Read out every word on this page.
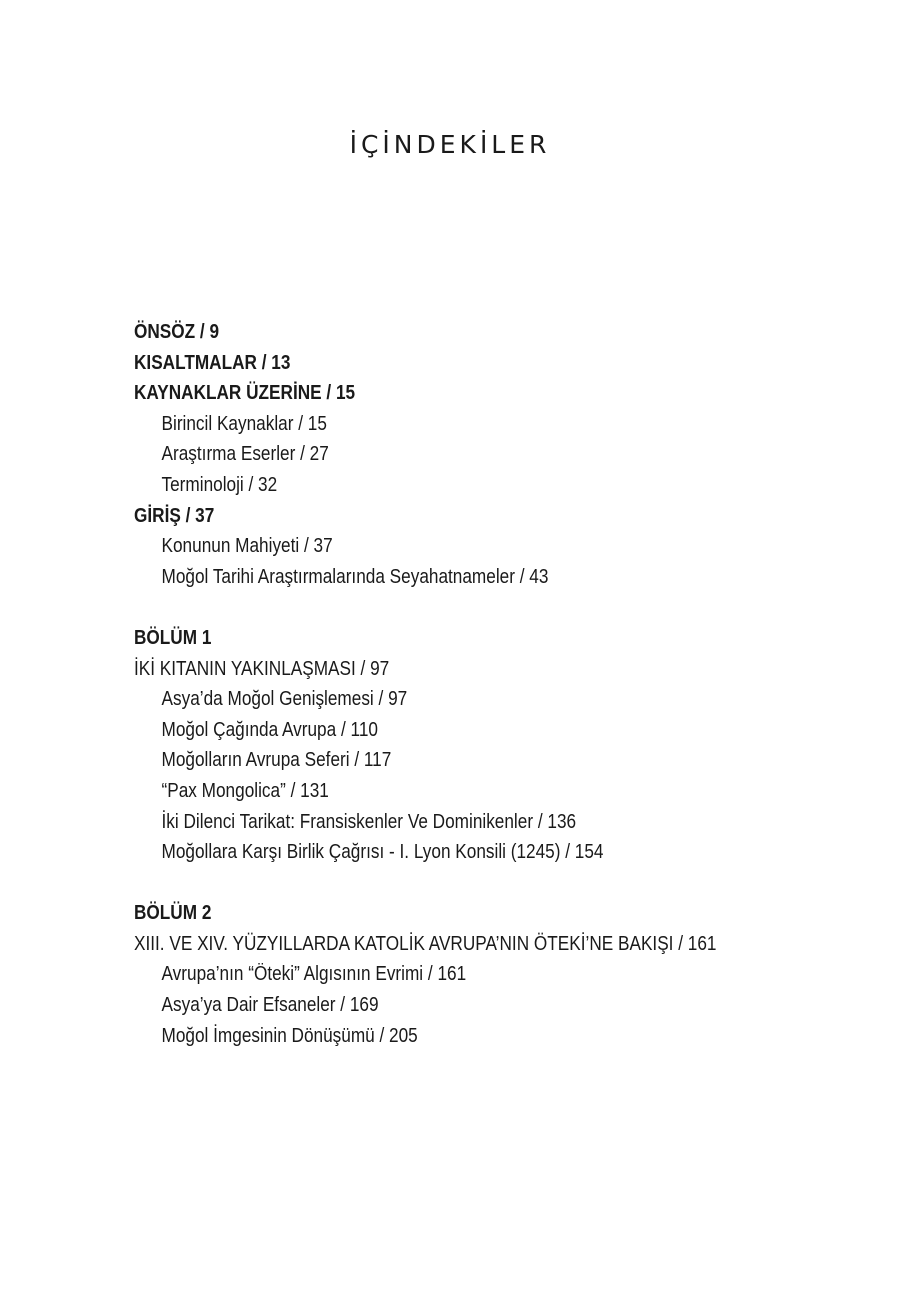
İÇİNDEKİLER
ÖNSÖZ / 9
KISALTMALAR / 13
KAYNAKLAR ÜZERİNE / 15
Birincil Kaynaklar / 15
Araştırma Eserler / 27
Terminoloji / 32
GİRİŞ / 37
Konunun Mahiyeti / 37
Moğol Tarihi Araştırmalarında Seyahatnameler / 43
BÖLÜM 1
İKİ KITANIN YAKINLAŞMASI / 97
Asya’da Moğol Genişlemesi / 97
Moğol Çağında Avrupa / 110
Moğolların Avrupa Seferi / 117
“Pax Mongolica” / 131
İki Dilenci Tarikat: Fransiskenler Ve Dominikenler / 136
Moğollara Karşı Birlik Çağrısı - I. Lyon Konsili (1245) / 154
BÖLÜM 2
XIII. VE XIV. YÜZYILLARDA KATOLİK AVRUPA’NIN ÖTEKİ’NE BAKIŞI / 161
Avrupa’nın “Öteki” Algısının Evrimi / 161
Asya’ya Dair Efsaneler / 169
Moğol İmgesinin Dönüşümü / 205
